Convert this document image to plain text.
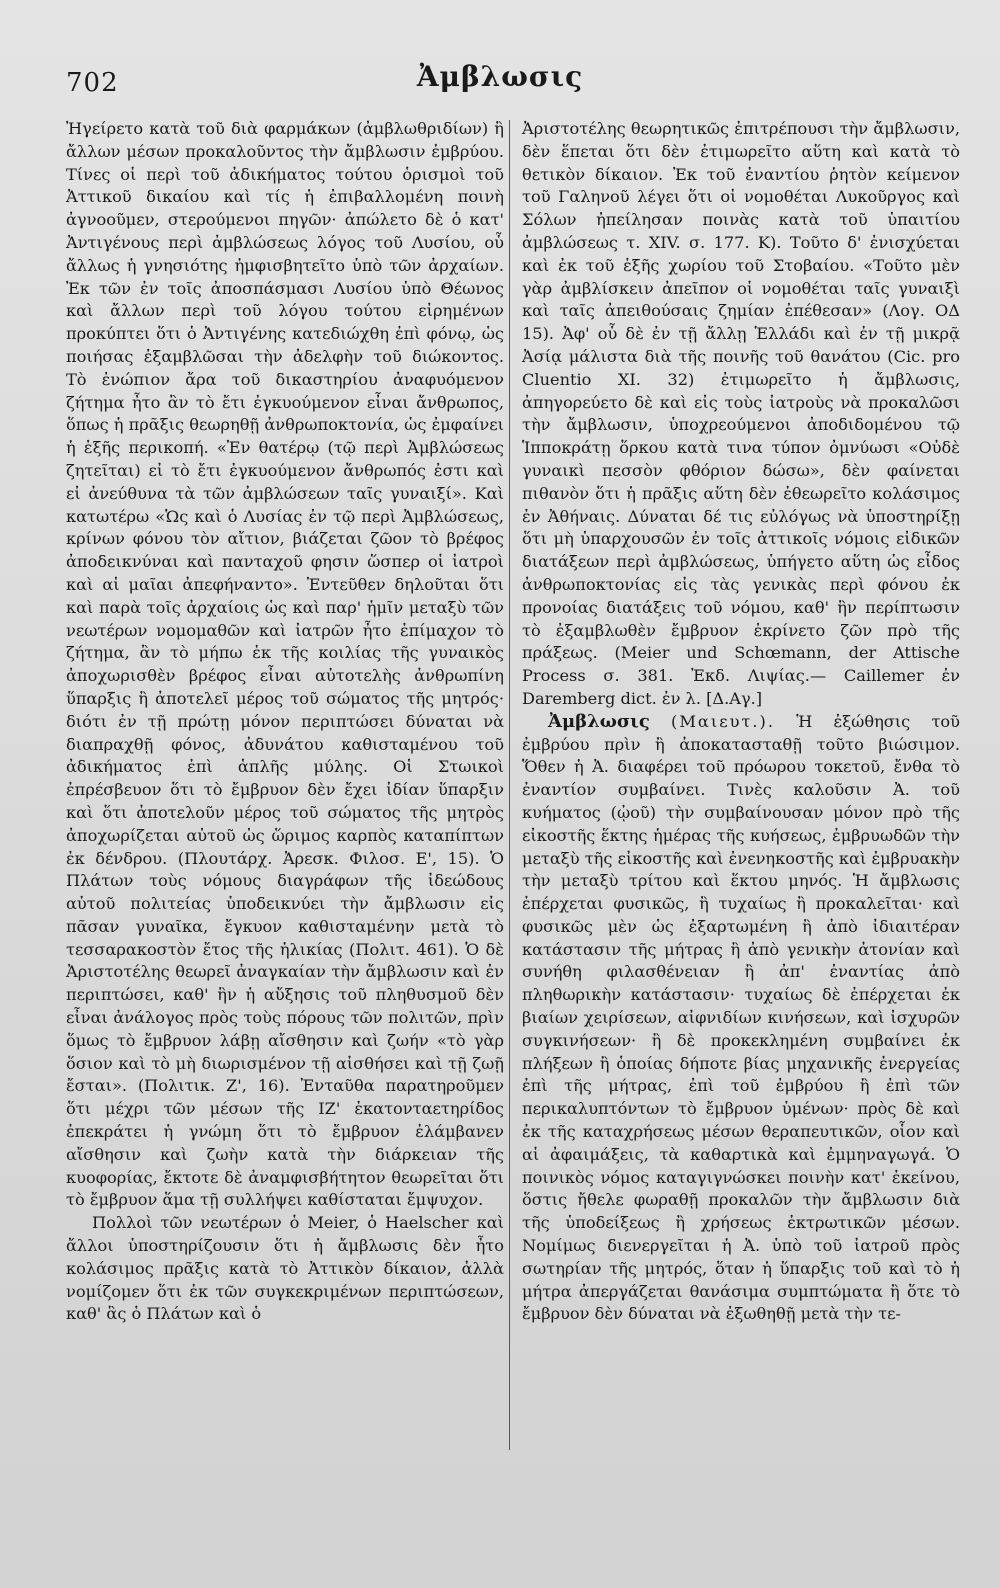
702	Ἀμβλωσις

Ἠγείρετο κατὰ τοῦ διὰ φαρμάκων (ἀμβλωθριδίων) ἢ ἄλλων μέσων προκαλοῦντος τὴν ἄμβλωσιν ἐμβρύου. Τίνες οἱ περὶ τοῦ ἀδικήματος τούτου ὁρισμοὶ τοῦ Ἀττικοῦ δικαίου καὶ τίς ἡ ἐπιβαλλομένη ποινὴ ἀγνοοῦμεν, στερούμενοι πηγῶν· ἀπώλετο δὲ ὁ κατ' Ἀντιγένους περὶ ἀμβλώσεως λόγος τοῦ Λυσίου, οὗ ἄλλως ἡ γνησιότης ἠμφισβητεῖτο ὑπὸ τῶν ἀρχαίων. Ἐκ τῶν ἐν τοῖς ἀποσπάσμασι Λυσίου ὑπὸ Θέωνος καὶ ἄλλων περὶ τοῦ λόγου τούτου εἰρημένων προκύπτει ὅτι ὁ Ἀντιγένης κατεδιώχθη ἐπὶ φόνῳ, ὡς ποιήσας ἐξαμβλῶσαι τὴν ἀδελφὴν τοῦ διώκοντος. Τὸ ἐνώπιον ἄρα τοῦ δικαστηρίου ἀναφυόμενον ζήτημα ἦτο ἂν τὸ ἔτι ἐγκυούμενον εἶναι ἄνθρωπος, ὅπως ἡ πρᾶξις θεωρηθῇ ἀνθρωποκτονία, ὡς ἐμφαίνει ἡ ἑξῆς περικοπή. «Ἐν θατέρῳ (τῷ περὶ Ἀμβλώσεως ζητεῖται) εἰ τὸ ἔτι ἐγκυούμενον ἄνθρωπός ἐστι καὶ εἰ ἀνεύθυνα τὰ τῶν ἀμβλώσεων ταῖς γυναιξί». Καὶ κατωτέρω «Ὡς καὶ ὁ Λυσίας ἐν τῷ περὶ Ἀμβλώσεως, κρίνων φόνου τὸν αἴτιον, βιάζεται ζῶον τὸ βρέφος ἀποδεικνύναι καὶ πανταχοῦ φησιν ὥσπερ οἱ ἰατροὶ καὶ αἱ μαῖαι ἀπεφήναντο». Ἐντεῦθεν δηλοῦται ὅτι καὶ παρὰ τοῖς ἀρχαίοις ὡς καὶ παρ' ἡμῖν μεταξὺ τῶν νεωτέρων νομομαθῶν καὶ ἰατρῶν ἦτο ἐπίμαχον τὸ ζήτημα, ἂν τὸ μήπω ἐκ τῆς κοιλίας τῆς γυναικὸς ἀποχωρισθὲν βρέφος εἶναι αὐτοτελὴς ἀνθρωπίνη ὕπαρξις ἢ ἀποτελεῖ μέρος τοῦ σώματος τῆς μητρός· διότι ἐν τῇ πρώτῃ μόνον περιπτώσει δύναται νὰ διαπραχθῇ φόνος, ἀδυνάτου καθισταμένου τοῦ ἀδικήματος ἐπὶ ἁπλῆς μύλης. Οἱ Στωικοὶ ἐπρέσβευον ὅτι τὸ ἔμβρυον δὲν ἔχει ἰδίαν ὕπαρξιν καὶ ὅτι ἀποτελοῦν μέρος τοῦ σώματος τῆς μητρὸς ἀποχωρίζεται αὐτοῦ ὡς ὥριμος καρπὸς καταπίπτων ἐκ δένδρου. (Πλουτάρχ. Ἀρεσκ. Φιλοσ. Ε', 15). Ὁ Πλάτων τοὺς νόμους διαγράφων τῆς ἰδεώδους αὐτοῦ πολιτείας ὑποδεικνύει τὴν ἄμβλωσιν εἰς πᾶσαν γυναῖκα, ἔγκυον καθισταμένην μετὰ τὸ τεσσαρακοστὸν ἔτος τῆς ἡλικίας (Πολιτ. 461). Ὁ δὲ Ἀριστοτέλης θεωρεῖ ἀναγκαίαν τὴν ἄμβλωσιν καὶ ἐν περιπτώσει, καθ' ἣν ἡ αὔξησις τοῦ πληθυσμοῦ δὲν εἶναι ἀνάλογος πρὸς τοὺς πόρους τῶν πολιτῶν, πρὶν ὅμως τὸ ἔμβρυον λάβῃ αἴσθησιν καὶ ζωήν «τὸ γὰρ ὅσιον καὶ τὸ μὴ διωρισμένον τῇ αἰσθήσει καὶ τῇ ζωῇ ἔσται». (Πολιτικ. Ζ', 16). Ἐνταῦθα παρατηροῦμεν ὅτι μέχρι τῶν μέσων τῆς ΙΖ' ἑκατονταετηρίδος ἐπεκράτει ἡ γνώμη ὅτι τὸ ἔμβρυον ἐλάμβανεν αἴσθησιν καὶ ζωὴν κατὰ τὴν διάρκειαν τῆς κυοφορίας, ἔκτοτε δὲ ἀναμφισβήτητον θεωρεῖται ὅτι τὸ ἔμβρυον ἅμα τῇ συλλήψει καθίσταται ἔμψυχον.

Πολλοὶ τῶν νεωτέρων ὁ Meier, ὁ Haelscher καὶ ἄλλοι ὑποστηρίζουσιν ὅτι ἡ ἄμβλωσις δὲν ἦτο κολάσιμος πρᾶξις κατὰ τὸ Ἀττικὸν δίκαιον, ἀλλὰ νομίζομεν ὅτι ἐκ τῶν συγκεκριμένων περιπτώσεων, καθ' ἃς ὁ Πλάτων καὶ ὁ

Ἀριστοτέλης θεωρητικῶς ἐπιτρέπουσι τὴν ἄμβλωσιν, δὲν ἕπεται ὅτι δὲν ἐτιμωρεῖτο αὕτη καὶ κατὰ τὸ θετικὸν δίκαιον. Ἐκ τοῦ ἐναντίου ῥητὸν κείμενον τοῦ Γαληνοῦ λέγει ὅτι οἱ νομοθέται Λυκοῦργος καὶ Σόλων ἠπείλησαν ποινὰς κατὰ τοῦ ὑπαιτίου ἀμβλώσεως τ. XIV. σ. 177. K). Τοῦτο δ' ἐνισχύεται καὶ ἐκ τοῦ ἑξῆς χωρίου τοῦ Στοβαίου. «Τοῦτο μὲν γὰρ ἀμβλίσκειν ἀπεῖπον οἱ νομοθέται ταῖς γυναιξὶ καὶ ταῖς ἀπειθούσαις ζημίαν ἐπέθεσαν» (Λογ. ΟΔ 15). Ἀφ' οὗ δὲ ἐν τῇ ἄλλῃ Ἑλλάδι καὶ ἐν τῇ μικρᾷ Ἀσίᾳ μάλιστα διὰ τῆς ποινῆς τοῦ θανάτου (Cic. pro Cluentio XI. 32) ἐτιμωρεῖτο ἡ ἄμβλωσις, ἀπηγορεύετο δὲ καὶ εἰς τοὺς ἰατροὺς νὰ προκαλῶσι τὴν ἄμβλωσιν, ὑποχρεούμενοι ἀποδιδομένου τῷ Ἱπποκράτῃ ὅρκου κατὰ τινα τύπον ὀμνύωσι «Οὐδὲ γυναικὶ πεσσὸν φθόριον δώσω», δὲν φαίνεται πιθανὸν ὅτι ἡ πρᾶξις αὕτη δὲν ἐθεωρεῖτο κολάσιμος ἐν Ἀθήναις. Δύναται δέ τις εὐλόγως νὰ ὑποστηρίξῃ ὅτι μὴ ὑπαρχουσῶν ἐν τοῖς ἀττικοῖς νόμοις εἰδικῶν διατάξεων περὶ ἀμβλώσεως, ὑπήγετο αὕτη ὡς εἶδος ἀνθρωποκτονίας εἰς τὰς γενικὰς περὶ φόνου ἐκ προνοίας διατάξεις τοῦ νόμου, καθ' ἣν περίπτωσιν τὸ ἐξαμβλωθὲν ἔμβρυον ἐκρίνετο ζῶν πρὸ τῆς πράξεως. (Meier und Schœmann, der Attische Process σ. 381. Ἐκδ. Λιψίας.— Caillemer ἐν Daremberg dict. ἐν λ. [Δ.Αγ.]

Ἀμβλωσις (Μαιευτ.). Ἡ ἐξώθησις τοῦ ἐμβρύου πρὶν ἢ ἀποκατασταθῇ τοῦτο βιώσιμον. Ὅθεν ἡ Ἀ. διαφέρει τοῦ πρόωρου τοκετοῦ, ἔνθα τὸ ἐναντίον συμβαίνει. Τινὲς καλοῦσιν Ἀ. τοῦ κυήματος (ᾠοῦ) τὴν συμβαίνουσαν μόνον πρὸ τῆς εἰκοστῆς ἕκτης ἡμέρας τῆς κυήσεως, ἐμβρυωδῶν τὴν μεταξὺ τῆς εἰκοστῆς καὶ ἐνενηκοστῆς καὶ ἐμβρυακὴν τὴν μεταξὺ τρίτου καὶ ἕκτου μηνός. Ἡ ἄμβλωσις ἐπέρχεται φυσικῶς, ἢ τυχαίως ἢ προκαλεῖται· καὶ φυσικῶς μὲν ὡς ἐξαρτωμένη ἢ ἀπὸ ἰδιαιτέραν κατάστασιν τῆς μήτρας ἢ ἀπὸ γενικὴν ἀτονίαν καὶ συνήθη φιλασθένειαν ἢ ἀπ' ἐναντίας ἀπὸ πληθωρικὴν κατάστασιν· τυχαίως δὲ ἐπέρχεται ἐκ βιαίων χειρίσεων, αἰφνιδίων κινήσεων, καὶ ἰσχυρῶν συγκινήσεων· ἢ δὲ προκεκλημένη συμβαίνει ἐκ πλήξεων ἢ ὁποίας δήποτε βίας μηχανικῆς ἐνεργείας ἐπὶ τῆς μήτρας, ἐπὶ τοῦ ἐμβρύου ἢ ἐπὶ τῶν περικαλυπτόντων τὸ ἔμβρυον ὑμένων· πρὸς δὲ καὶ ἐκ τῆς καταχρήσεως μέσων θεραπευτικῶν, οἷον καὶ αἱ ἀφαιμάξεις, τὰ καθαρτικὰ καὶ ἐμμηναγωγά. Ὁ ποινικὸς νόμος καταγιγνώσκει ποινὴν κατ' ἐκείνου, ὅστις ἤθελε φωραθῇ προκαλῶν τὴν ἄμβλωσιν διὰ τῆς ὑποδείξεως ἢ χρήσεως ἐκτρωτικῶν μέσων. Νομίμως διενεργεῖται ἡ Ἀ. ὑπὸ τοῦ ἰατροῦ πρὸς σωτηρίαν τῆς μητρός, ὅταν ἡ ὕπαρξις τοῦ καὶ τὸ ἡ μήτρα ἀπεργάζεται θανάσιμα συμπτώματα ἢ ὅτε τὸ ἔμβρυον δὲν δύναται νὰ ἐξωθηθῇ μετὰ τὴν τε-
